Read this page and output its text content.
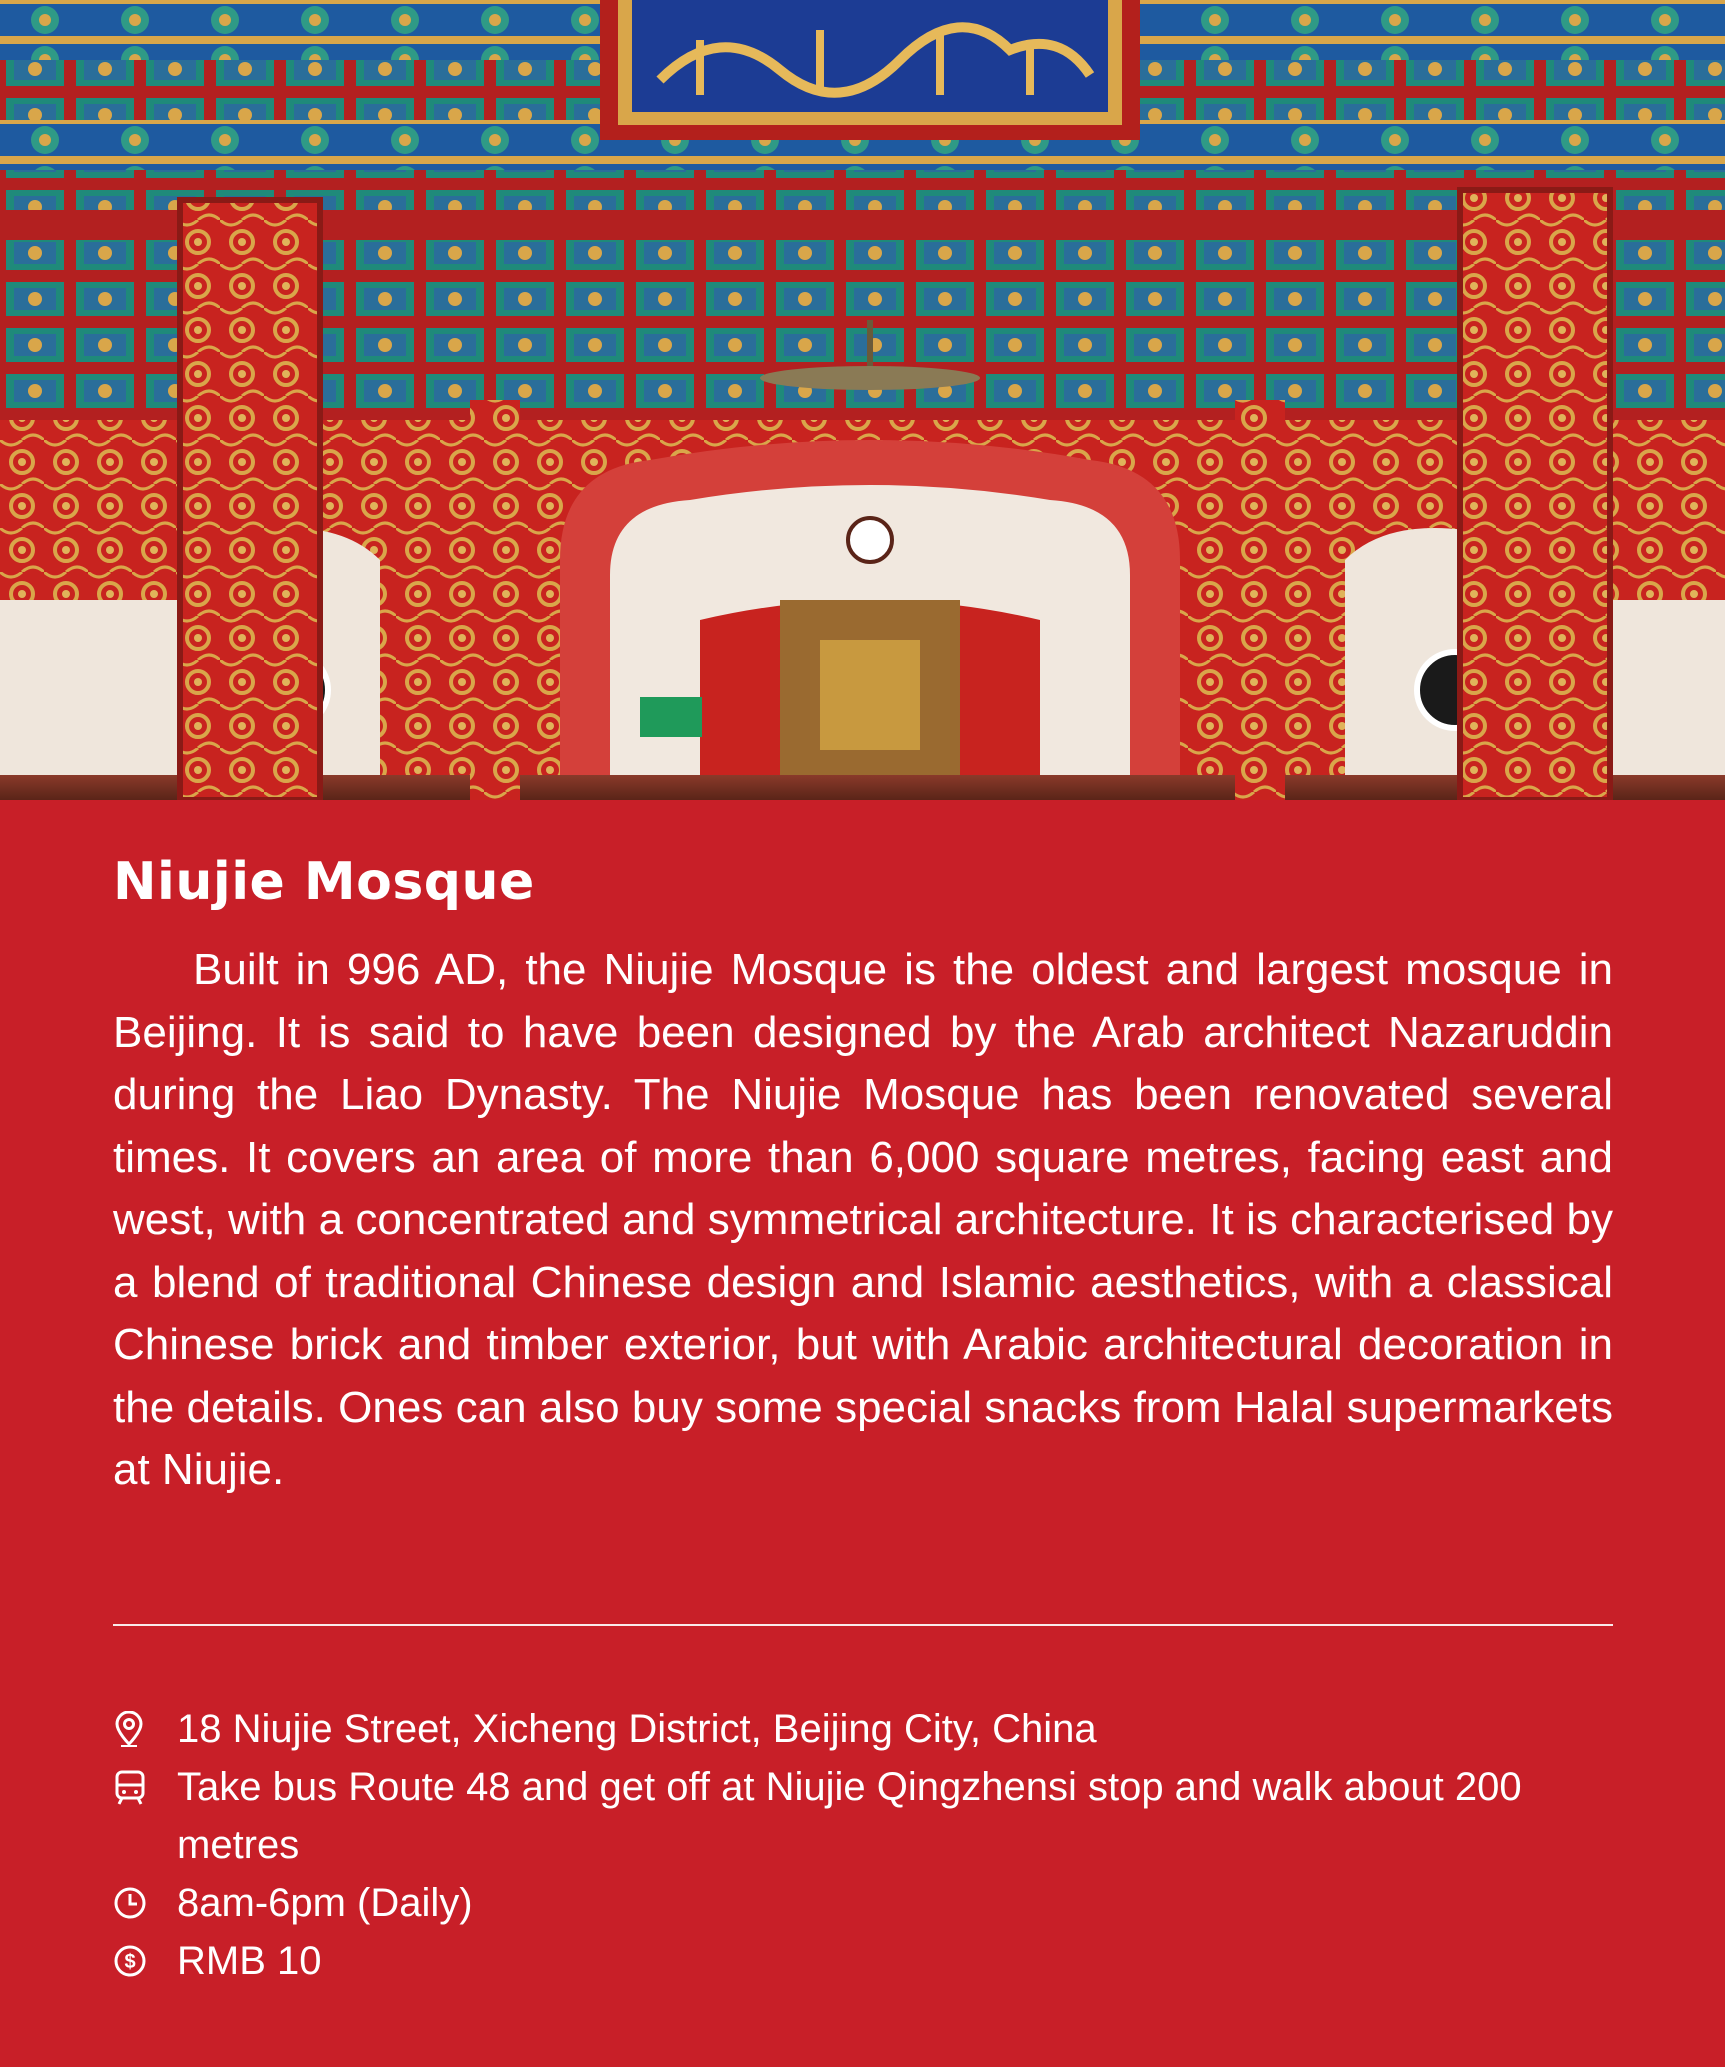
Niujie Mosque

Built in 996 AD, the Niujie Mosque is the oldest and largest mosque in Beijing. It is said to have been designed by the Arab architect Nazaruddin during the Liao Dynasty. The Niujie Mosque has been renovated several times. It covers an area of more than 6,000 square metres, facing east and west, with a concentrated and symmetrical architecture. It is characterised by a blend of traditional Chinese design and Islamic aesthetics, with a classical Chinese brick and timber exterior, but with Arabic architectural decoration in the details. Ones can also buy some special snacks from Halal supermarkets at Niujie.

18 Niujie Street, Xicheng District, Beijing City, China
Take bus Route 48 and get off at Niujie Qingzhensi stop and walk about 200 metres
8am-6pm (Daily)
$ RMB 10
